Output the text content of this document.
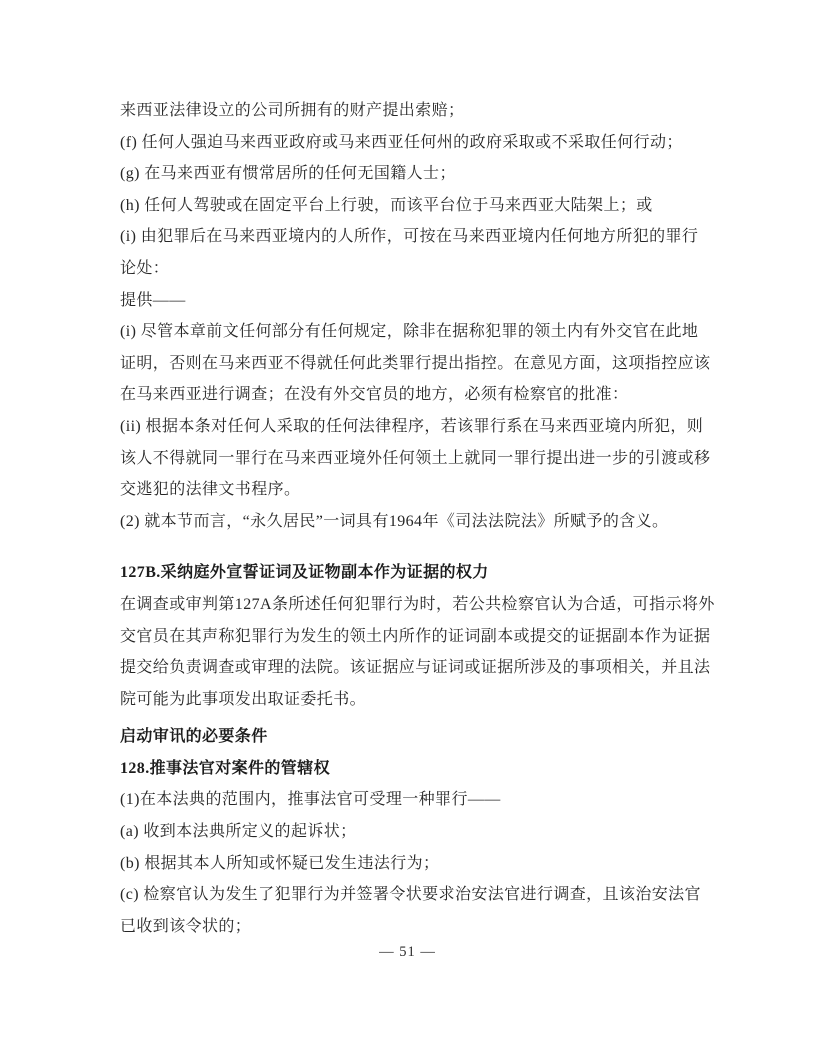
来西亚法律设立的公司所拥有的财产提出索赔；
(f) 任何人强迫马来西亚政府或马来西亚任何州的政府采取或不采取任何行动；
(g) 在马来西亚有惯常居所的任何无国籍人士；
(h) 任何人驾驶或在固定平台上行驶，而该平台位于马来西亚大陆架上；或
(i) 由犯罪后在马来西亚境内的人所作，可按在马来西亚境内任何地方所犯的罪行
论处：
提供——
(i) 尽管本章前文任何部分有任何规定，除非在据称犯罪的领土内有外交官在此地
证明，否则在马来西亚不得就任何此类罪行提出指控。在意见方面，这项指控应该
在马来西亚进行调查；在没有外交官员的地方，必须有检察官的批准：
(ii) 根据本条对任何人采取的任何法律程序，若该罪行系在马来西亚境内所犯，则
该人不得就同一罪行在马来西亚境外任何领土上就同一罪行提出进一步的引渡或移
交逃犯的法律文书程序。
(2) 就本节而言，“永久居民”一词具有1964年《司法法院法》所赋予的含义。
127B.采纳庭外宣誓证词及证物副本作为证据的权力
在调查或审判第127A条所述任何犯罪行为时，若公共检察官认为合适，可指示将外
交官员在其声称犯罪行为发生的领土内所作的证词副本或提交的证据副本作为证据
提交给负责调查或审理的法院。该证据应与证词或证据所涉及的事项相关，并且法
院可能为此事项发出取证委托书。
启动审讯的必要条件
128.推事法官对案件的管辖权
(1)在本法典的范围内，推事法官可受理一种罪行——
(a) 收到本法典所定义的起诉状；
(b) 根据其本人所知或怀疑已发生违法行为；
(c) 检察官认为发生了犯罪行为并签署令状要求治安法官进行调查，且该治安法官
已收到该令状的；
— 51 —
